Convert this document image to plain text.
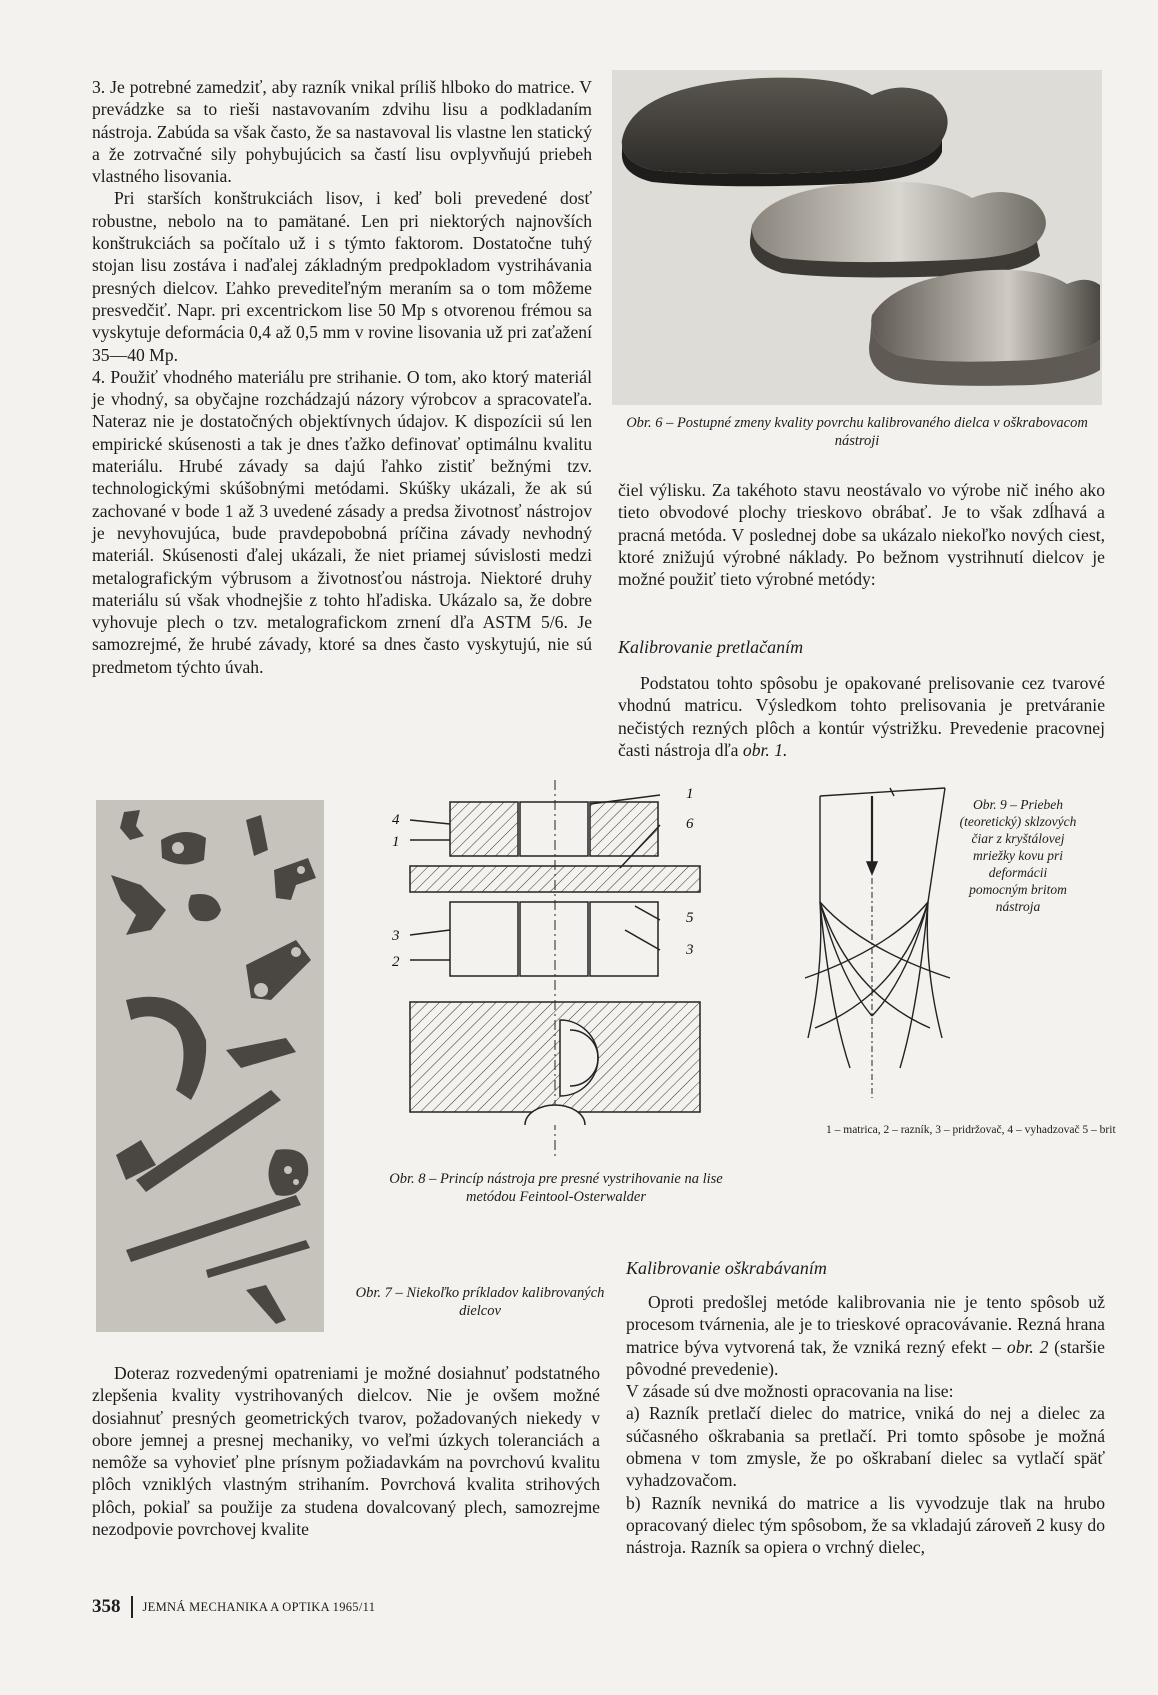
3. Je potrebné zamedziť, aby razník vnikal príliš hlboko do matrice. V prevádzke sa to rieši nastavovaním zdvihu lisu a podkladaním nástroja. Zabúda sa však často, že sa nastavoval lis vlastne len statický a že zotrvačné sily pohybujúcich sa častí lisu ovplyvňujú priebeh vlastného lisovania.

Pri starších konštrukciách lisov, i keď boli prevedené dosť robustne, nebolo na to pamätané. Len pri niektorých najnovších konštrukciách sa počítalo už i s týmto faktorom. Dostatočne tuhý stojan lisu zostáva i naďalej základným predpokladom vystrihávania presných dielcov. Ľahko prevediteľným meraním sa o tom môžeme presvedčiť. Napr. pri excentrickom lise 50 Mp s otvorenou frémou sa vyskytuje deformácia 0,4 až 0,5 mm v rovine lisovania už pri zaťažení 35—40 Mp.

4. Použiť vhodného materiálu pre strihanie. O tom, ako ktorý materiál je vhodný, sa obyčajne rozchádzajú názory výrobcov a spracovateľa. Nateraz nie je dostatočných objektívnych údajov. K dispozícii sú len empirické skúsenosti a tak je dnes ťažko definovať optimálnu kvalitu materiálu. Hrubé závady sa dajú ľahko zistiť bežnými tzv. technologickými skúšobnými metódami. Skúšky ukázali, že ak sú zachované v bode 1 až 3 uvedené zásady a predsa životnosť nástrojov je nevyhovujúca, bude pravdepobobná príčina závady nevhodný materiál. Skúsenosti ďalej ukázali, že niet priamej súvislosti medzi metalografickým výbrusom a životnosťou nástroja. Niektoré druhy materiálu sú však vhodnejšie z tohto hľadiska. Ukázalo sa, že dobre vyhovuje plech o tzv. metalografickom zrnení dľa ASTM 5/6. Je samozrejmé, že hrubé závady, ktoré sa dnes často vyskytujú, nie sú predmetom týchto úvah.

Obr. 6 – Postupné zmeny kvality povrchu kalibrovaného dielca v oškrabovacom nástroji

čiel výlisku. Za takéhoto stavu neostávalo vo výrobe nič iného ako tieto obvodové plochy trieskovo obrábať. Je to však zdĺhavá a pracná metóda. V poslednej dobe sa ukázalo niekoľko nových ciest, ktoré znižujú výrobné náklady. Po bežnom vystrihnutí dielcov je možné použiť tieto výrobné metódy:

Kalibrovanie pretlačaním

Podstatou tohto spôsobu je opakované prelisovanie cez tvarové vhodnú matricu. Výsledkom tohto prelisovania je pretváranie nečistých rezných plôch a kontúr výstrižku. Prevedenie pracovnej časti nástroja dľa obr. 1.

Obr. 9 – Priebeh (teoretický) sklzových čiar z kryštálovej mriežky kovu pri deformácii pomocným britom nástroja
4
1
3
2
1
6
5
3
1 – matrica, 2 – razník, 3 – pridržovač, 4 – vyhadzovač 5 – brit
Obr. 8 – Princíp nástroja pre presné vystrihovanie na lise metódou Feintool-Osterwalder
Obr. 7 – Niekoľko príkladov kalibrovaných dielcov
Kalibrovanie oškrabávaním

Oproti predošlej metóde kalibrovania nie je tento spôsob už procesom tvárnenia, ale je to trieskové opracovávanie. Rezná hrana matrice býva vytvorená tak, že vzniká rezný efekt – obr. 2 (staršie pôvodné prevedenie).

V zásade sú dve možnosti opracovania na lise:

a) Razník pretlačí dielec do matrice, vniká do nej a dielec za súčasného oškrabania sa pretlačí. Pri tomto spôsobe je možná obmena v tom zmysle, že po oškrabaní dielec sa vytlačí späť vyhadzovačom.

b) Razník nevniká do matrice a lis vyvodzuje tlak na hrubo opracovaný dielec tým spôsobom, že sa vkladajú zároveň 2 kusy do nástroja. Razník sa opiera o vrchný dielec,

Doteraz rozvedenými opatreniami je možné dosiahnuť podstatného zlepšenia kvality vystrihovaných dielcov. Nie je ovšem možné dosiahnuť presných geometrických tvarov, požadovaných niekedy v obore jemnej a presnej mechaniky, vo veľmi úzkych toleranciách a nemôže sa vyhovieť plne prísnym požiadavkám na povrchovú kvalitu plôch vzniklých vlastným strihaním. Povrchová kvalita strihových plôch, pokiaľ sa použije za studena dovalcovaný plech, samozrejme nezodpovie povrchovej kvalite

358 JEMNÁ MECHANIKA A OPTIKA 1965/11
